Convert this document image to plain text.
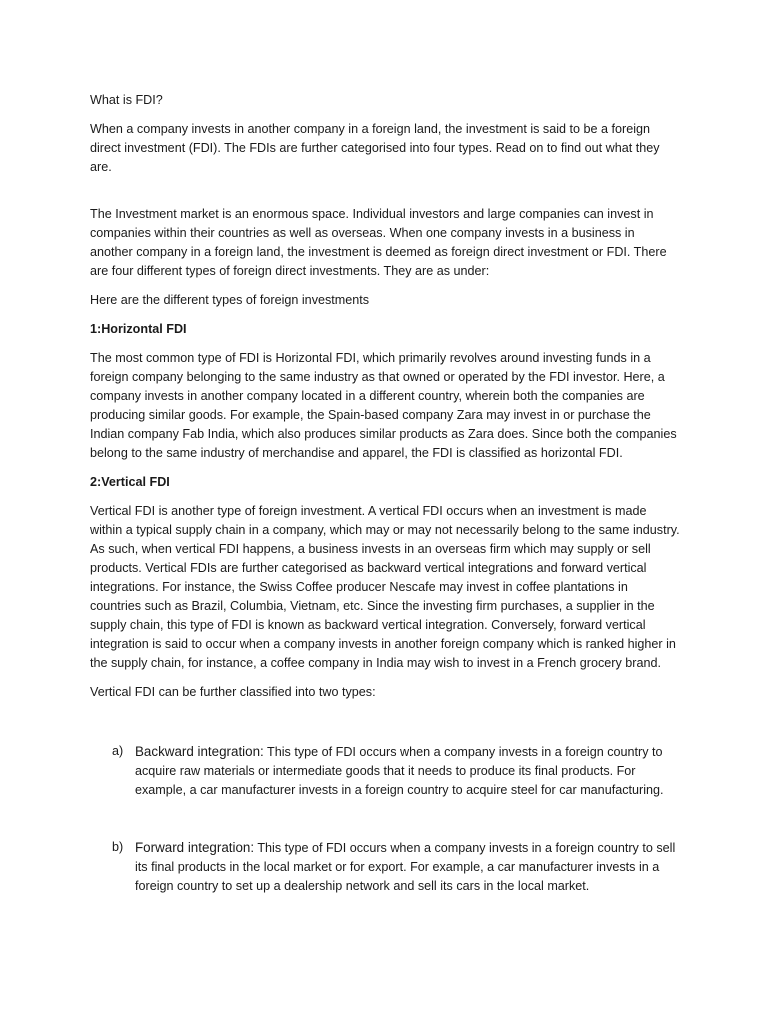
What is FDI?

When a company invests in another company in a foreign land, the investment is said to be a foreign direct investment (FDI). The FDIs are further categorised into four types. Read on to find out what they are.

The Investment market is an enormous space. Individual investors and large companies can invest in companies within their countries as well as overseas. When one company invests in a business in another company in a foreign land, the investment is deemed as foreign direct investment or FDI. There are four different types of foreign direct investments. They are as under:

Here are the different types of foreign investments

1:Horizontal FDI

The most common type of FDI is Horizontal FDI, which primarily revolves around investing funds in a foreign company belonging to the same industry as that owned or operated by the FDI investor. Here, a company invests in another company located in a different country, wherein both the companies are producing similar goods. For example, the Spain-based company Zara may invest in or purchase the Indian company Fab India, which also produces similar products as Zara does. Since both the companies belong to the same industry of merchandise and apparel, the FDI is classified as horizontal FDI.

2:Vertical FDI

Vertical FDI is another type of foreign investment. A vertical FDI occurs when an investment is made within a typical supply chain in a company, which may or may not necessarily belong to the same industry. As such, when vertical FDI happens, a business invests in an overseas firm which may supply or sell products. Vertical FDIs are further categorised as backward vertical integrations and forward vertical integrations. For instance, the Swiss Coffee producer Nescafe may invest in coffee plantations in countries such as Brazil, Columbia, Vietnam, etc. Since the investing firm purchases, a supplier in the supply chain, this type of FDI is known as backward vertical integration. Conversely, forward vertical integration is said to occur when a company invests in another foreign company which is ranked higher in the supply chain, for instance, a coffee company in India may wish to invest in a French grocery brand.

Vertical FDI can be further classified into two types:

a) Backward integration: This type of FDI occurs when a company invests in a foreign country to acquire raw materials or intermediate goods that it needs to produce its final products. For example, a car manufacturer invests in a foreign country to acquire steel for car manufacturing.
b) Forward integration: This type of FDI occurs when a company invests in a foreign country to sell its final products in the local market or for export. For example, a car manufacturer invests in a foreign country to set up a dealership network and sell its cars in the local market.
